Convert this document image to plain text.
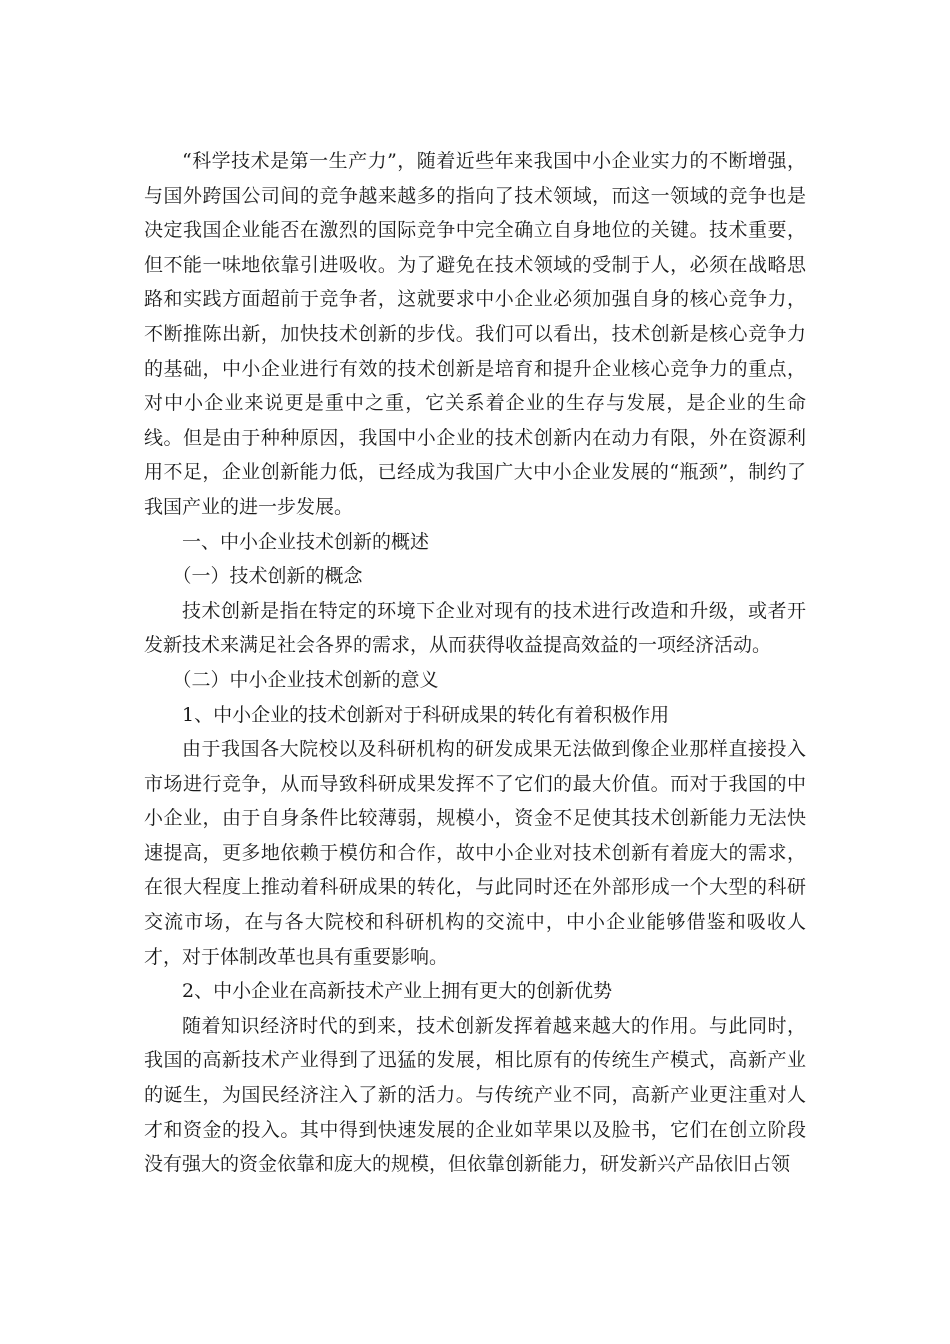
“科学技术是第一生产力”，随着近些年来我国中小企业实力的不断增强，与国外跨国公司间的竞争越来越多的指向了技术领域，而这一领域的竞争也是决定我国企业能否在激烈的国际竞争中完全确立自身地位的关键。技术重要，但不能一味地依靠引进吸收。为了避免在技术领域的受制于人，必须在战略思路和实践方面超前于竞争者，这就要求中小企业必须加强自身的核心竞争力，不断推陈出新，加快技术创新的步伐。我们可以看出，技术创新是核心竞争力的基础，中小企业进行有效的技术创新是培育和提升企业核心竞争力的重点，对中小企业来说更是重中之重，它关系着企业的生存与发展，是企业的生命线。但是由于种种原因，我国中小企业的技术创新内在动力有限，外在资源利用不足，企业创新能力低，已经成为我国广大中小企业发展的“瓶颈”，制约了我国产业的进一步发展。

一、中小企业技术创新的概述

（一）技术创新的概念

技术创新是指在特定的环境下企业对现有的技术进行改造和升级，或者开发新技术来满足社会各界的需求，从而获得收益提高效益的一项经济活动。

（二）中小企业技术创新的意义

1、中小企业的技术创新对于科研成果的转化有着积极作用

由于我国各大院校以及科研机构的研发成果无法做到像企业那样直接投入市场进行竞争，从而导致科研成果发挥不了它们的最大价值。而对于我国的中小企业，由于自身条件比较薄弱，规模小，资金不足使其技术创新能力无法快速提高，更多地依赖于模仿和合作，故中小企业对技术创新有着庞大的需求，在很大程度上推动着科研成果的转化，与此同时还在外部形成一个大型的科研交流市场，在与各大院校和科研机构的交流中，中小企业能够借鉴和吸收人才，对于体制改革也具有重要影响。

2、中小企业在高新技术产业上拥有更大的创新优势

随着知识经济时代的到来，技术创新发挥着越来越大的作用。与此同时，我国的高新技术产业得到了迅猛的发展，相比原有的传统生产模式，高新产业的诞生，为国民经济注入了新的活力。与传统产业不同，高新产业更注重对人才和资金的投入。其中得到快速发展的企业如苹果以及脸书，它们在创立阶段没有强大的资金依靠和庞大的规模，但依靠创新能力，研发新兴产品依旧占领
